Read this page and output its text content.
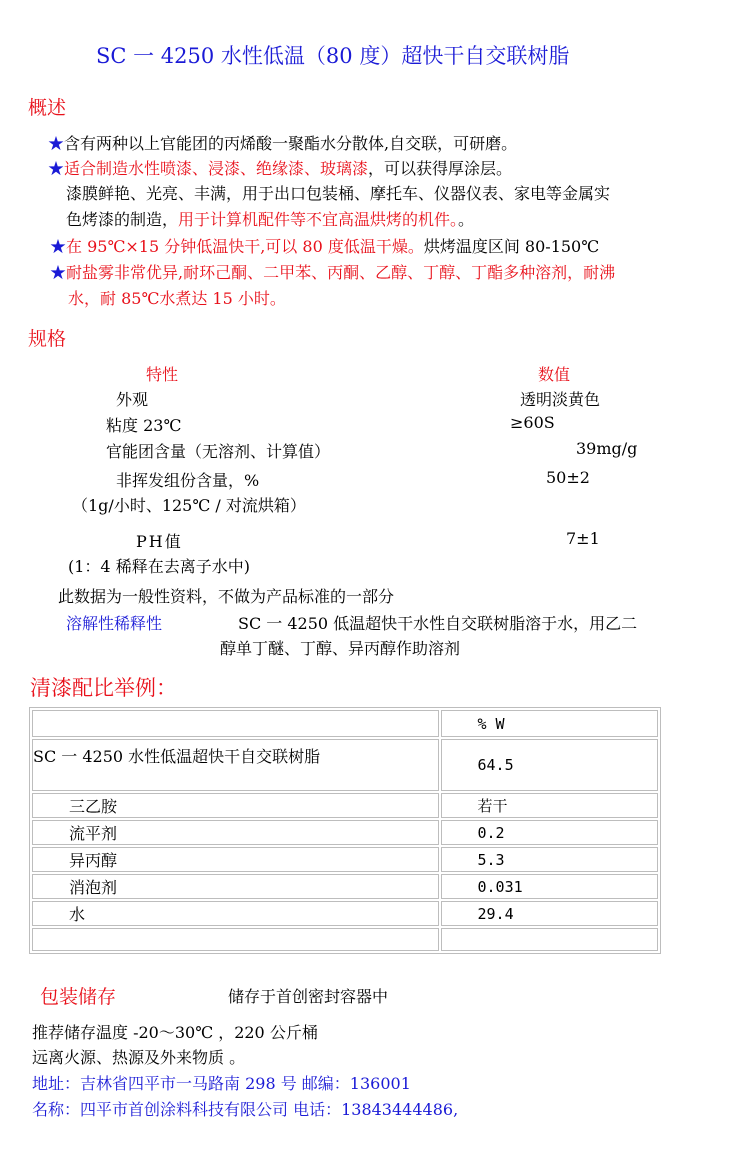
SC 一 4250 水性低温（80 度）超快干自交联树脂
概述
★含有两种以上官能团的丙烯酸一聚酯水分散体,自交联，可研磨。
★适合制造水性喷漆、浸漆、绝缘漆、玻璃漆，可以获得厚涂层。
漆膜鲜艳、光亮、丰满，用于出口包装桶、摩托车、仪器仪表、家电等金属实
色烤漆的制造，用于计算机配件等不宜高温烘烤的机件。。
★在 95℃×15 分钟低温快干,可以 80 度低温干燥。烘烤温度区间 80-150℃
★耐盐雾非常优异,耐环己酮、二甲苯、丙酮、乙醇、丁醇、丁酯多种溶剂，耐沸
水，耐 85℃水煮达 15 小时。
规格
特性	数值
外观	透明淡黄色
粘度 23℃	≥60S
官能团含量（无溶剂、计算值）	39mg/g
非挥发组份含量，%	50±2
（1g/小时、125℃ / 对流烘箱）
PH值	7±1
(1：4 稀释在去离子水中)
此数据为一般性资料，不做为产品标准的一部分
溶解性稀释性	SC 一 4250 低温超快干水性自交联树脂溶于水，用乙二
醇单丁醚、丁醇、异丙醇作助溶剂
清漆配比举例：
	% W
SC 一 4250 水性低温超快干自交联树脂	64.5
三乙胺	若干
流平剂	0.2
异丙醇	5.3
消泡剂	0.031
水	29.4

包装储存	储存于首创密封容器中
推荐储存温度 -20～30℃ ，220 公斤桶
远离火源、热源及外来物质 。
地址：吉林省四平市一马路南 298 号 邮编：136001
名称：四平市首创涂料科技有限公司 电话：13843444486,
